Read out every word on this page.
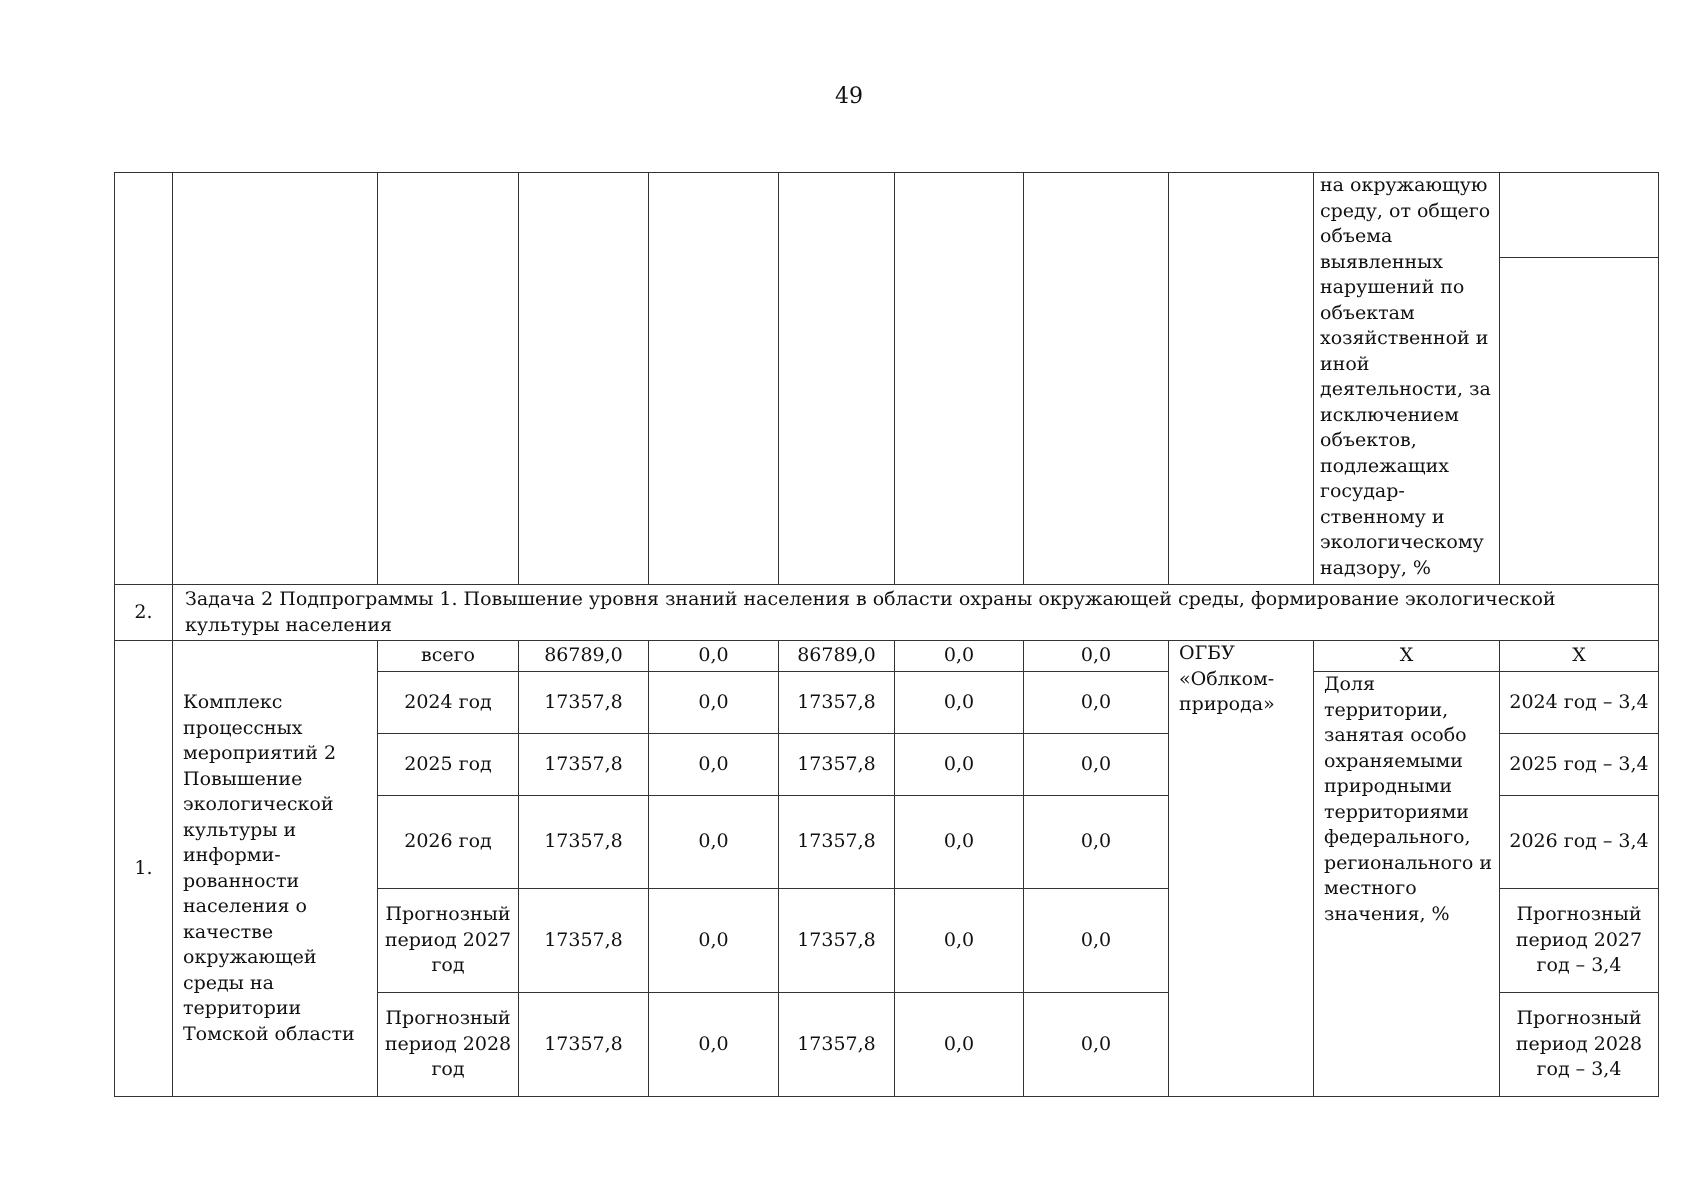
49
									на окружающую среду, от общего объема выявленных нарушений по объектам хозяйственной и иной деятельности, за исключением объектов, подлежащих государ-ственному и экологическому надзору, %	

2.	Задача 2 Подпрограммы 1. Повышение уровня знаний населения в области охраны окружающей среды, формирование экологической культуры населения									
1.	Комплекс процессных мероприятий 2 Повышение экологической культуры и информи-рованности населения о качестве окружающей среды на территории Томской области	всего	86789,0	0,0	86789,0	0,0	0,0	ОГБУ «Облком-природа»	Х	Х
		2024 год	17357,8	0,0	17357,8	0,0	0,0		Доля территории, занятая особо охраняемыми природными территориями федерального, регионального и местного значения, %	2024 год – 3,4
		2025 год	17357,8	0,0	17357,8	0,0	0,0			2025 год – 3,4
		2026 год	17357,8	0,0	17357,8	0,0	0,0			2026 год – 3,4
		Прогнозный период 2027 год	17357,8	0,0	17357,8	0,0	0,0			Прогнозный период 2027 год – 3,4
		Прогнозный период 2028 год	17357,8	0,0	17357,8	0,0	0,0			Прогнозный период 2028 год – 3,4
